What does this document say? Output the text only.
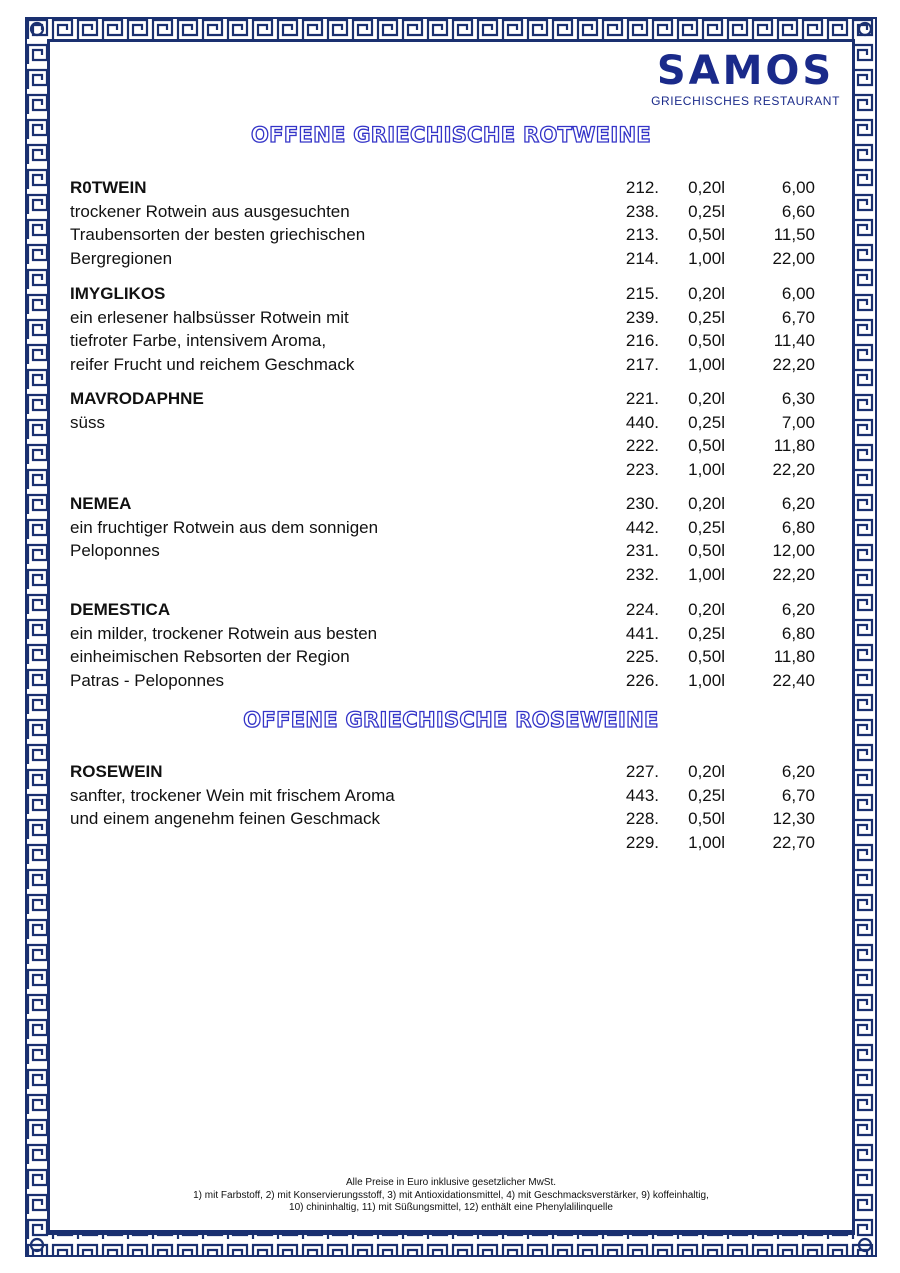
SAMOS
GRIECHISCHES RESTAURANT
OFFENE GRIECHISCHE ROTWEINE
R0TWEIN	212.	0,20l	6,00
trockener Rotwein aus ausgesuchten	238.	0,25l	6,60
Traubensorten der besten griechischen	213.	0,50l	11,50
Bergregionen	214.	1,00l	22,00
IMYGLIKOS	215.	0,20l	6,00
ein erlesener halbsüsser Rotwein mit	239.	0,25l	6,70
tiefroter Farbe, intensivem Aroma,	216.	0,50l	11,40
reifer Frucht und reichem Geschmack	217.	1,00l	22,20
MAVRODAPHNE	221.	0,20l	6,30
süss	440.	0,25l	7,00
222.	0,50l	11,80
223.	1,00l	22,20
NEMEA	230.	0,20l	6,20
ein fruchtiger Rotwein aus dem sonnigen	442.	0,25l	6,80
Peloponnes	231.	0,50l	12,00
232.	1,00l	22,20
DEMESTICA	224.	0,20l	6,20
ein milder, trockener Rotwein aus besten	441.	0,25l	6,80
einheimischen Rebsorten der Region	225.	0,50l	11,80
Patras - Peloponnes	226.	1,00l	22,40
OFFENE GRIECHISCHE ROSEWEINE
ROSEWEIN	227.	0,20l	6,20
sanfter, trockener Wein mit frischem Aroma	443.	0,25l	6,70
und einem angenehm feinen Geschmack	228.	0,50l	12,30
229.	1,00l	22,70
Alle Preise in Euro inklusive gesetzlicher MwSt.
1) mit Farbstoff, 2) mit Konservierungsstoff, 3) mit Antioxidationsmittel, 4) mit Geschmacksverstärker, 9) koffeinhaltig,
10) chininhaltig, 11) mit Süßungsmittel, 12) enthält eine Phenylalilinquelle
